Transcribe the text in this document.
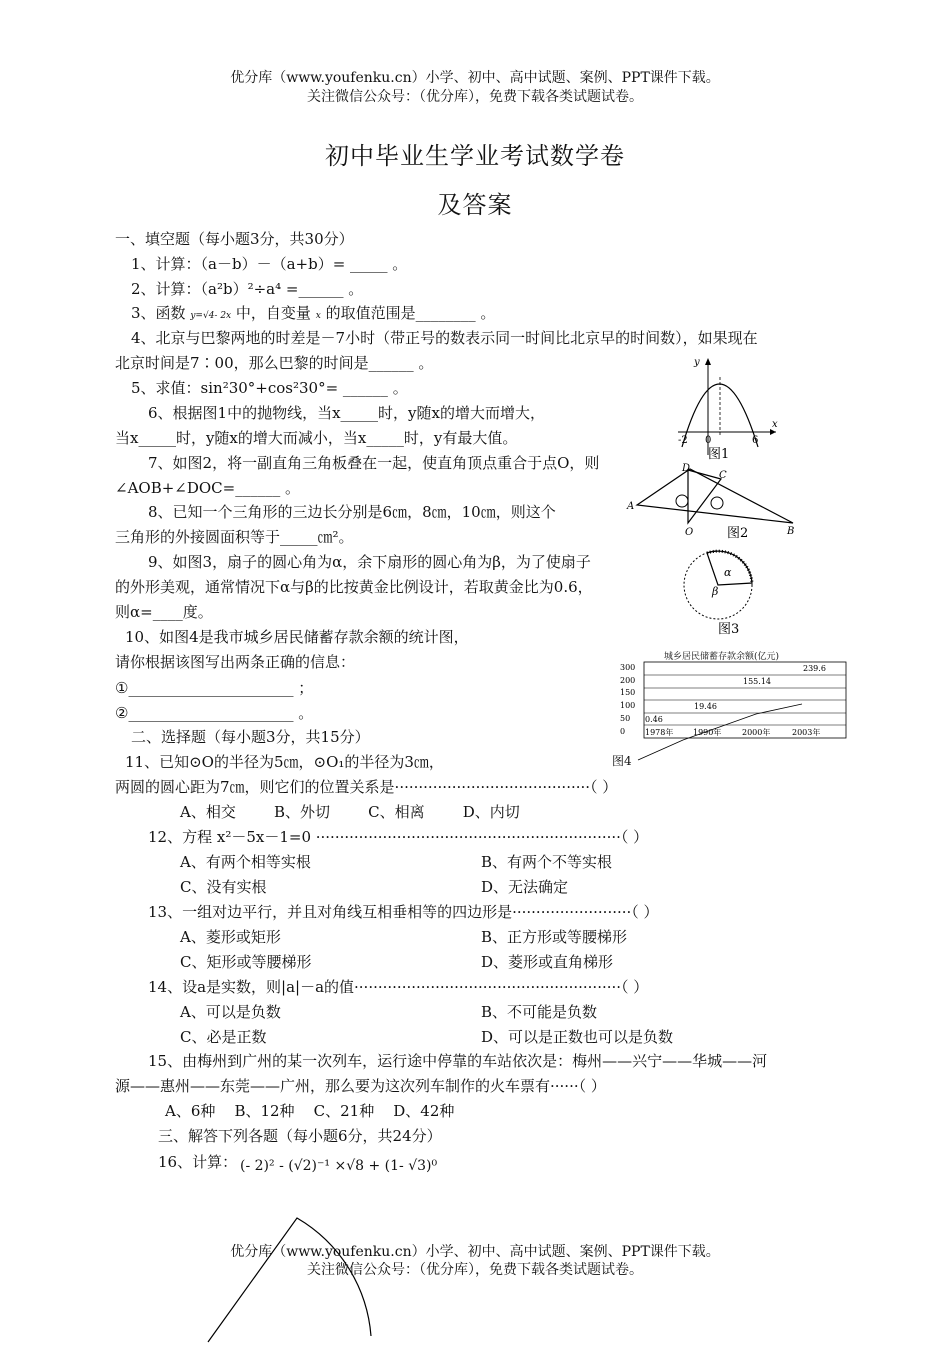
优分库（www.youfenku.cn）小学、初中、高中试题、案例、PPT课件下载。
关注微信公众号：（优分库），免费下载各类试题试卷。
初中毕业生学业考试数学卷
及答案
一、填空题（每小题3分，共30分）
1、计算：（a－b）－（a+b）= _____ 。
2、计算：（a²b）²÷a⁴ =______ 。
3、函数 y=√4- 2x 中，自变量 x 的取值范围是________ 。
4、北京与巴黎两地的时差是－7小时（带正号的数表示同一时间比北京早的时间数），如果现在
北京时间是7∶00，那么巴黎的时间是______ 。
5、求值：sin²30°+cos²30°= ______ 。
6、根据图1中的抛物线，当x_____时，y随x的增大而增大，
当x_____时，y随x的增大而减小，当x_____时，y有最大值。
7、如图2，将一副直角三角板叠在一起，使直角顶点重合于点O，则
∠AOB+∠DOC=______ 。
8、已知一个三角形的三边长分别是6㎝，8㎝，10㎝，则这个
三角形的外接圆面积等于_____㎝²。
9、如图3，扇子的圆心角为α，余下扇形的圆心角为β，为了使扇子
的外形美观，通常情况下α与β的比按黄金比例设计，若取黄金比为0.6，
则α=____度。
10、如图4是我市城乡居民储蓄存款余额的统计图，
请你根据该图写出两条正确的信息：
①______________________ ；
②______________________ 。
二、选择题（每小题3分，共15分）
11、已知⊙O的半径为5㎝，⊙O₁的半径为3㎝，
两圆的圆心距为7㎝，则它们的位置关系是·········································（ ）
A、相交        B、外切        C、相离        D、内切
12、方程 x²－5x－1=0 ································································（ ）
A、有两个相等实根	B、有两个不等实根
C、没有实根	D、无法确定
13、一组对边平行，并且对角线互相垂相等的四边形是·························（ ）
A、菱形或矩形	B、正方形或等腰梯形
C、矩形或等腰梯形	D、菱形或直角梯形
14、设a是实数，则|a|－a的值························································（ ）
A、可以是负数	B、不可能是负数
C、必是正数	D、可以是正数也可以是负数
15、由梅州到广州的某一次列车，运行途中停靠的车站依次是：梅州——兴宁——华城——河
源——惠州——东莞——广州，那么要为这次列车制作的火车票有······（ ）
A、6种    B、12种    C、21种    D、42种
三、解答下列各题（每小题6分，共24分）
16、计算： (- 2)² - (√2)⁻¹ ×√8 + (1- √3)⁰
y
x
-2 0	6
图1
A
B
C
D
O	图2
α
β
图3
城乡居民储蓄存款余额(亿元)
300
200
150
100
50
0 1978年 1990年	2000年	2003年
0.46
19.46
155.14
239.6
图4
优分库（www.youfenku.cn）小学、初中、高中试题、案例、PPT课件下载。
关注微信公众号：（优分库），免费下载各类试题试卷。
